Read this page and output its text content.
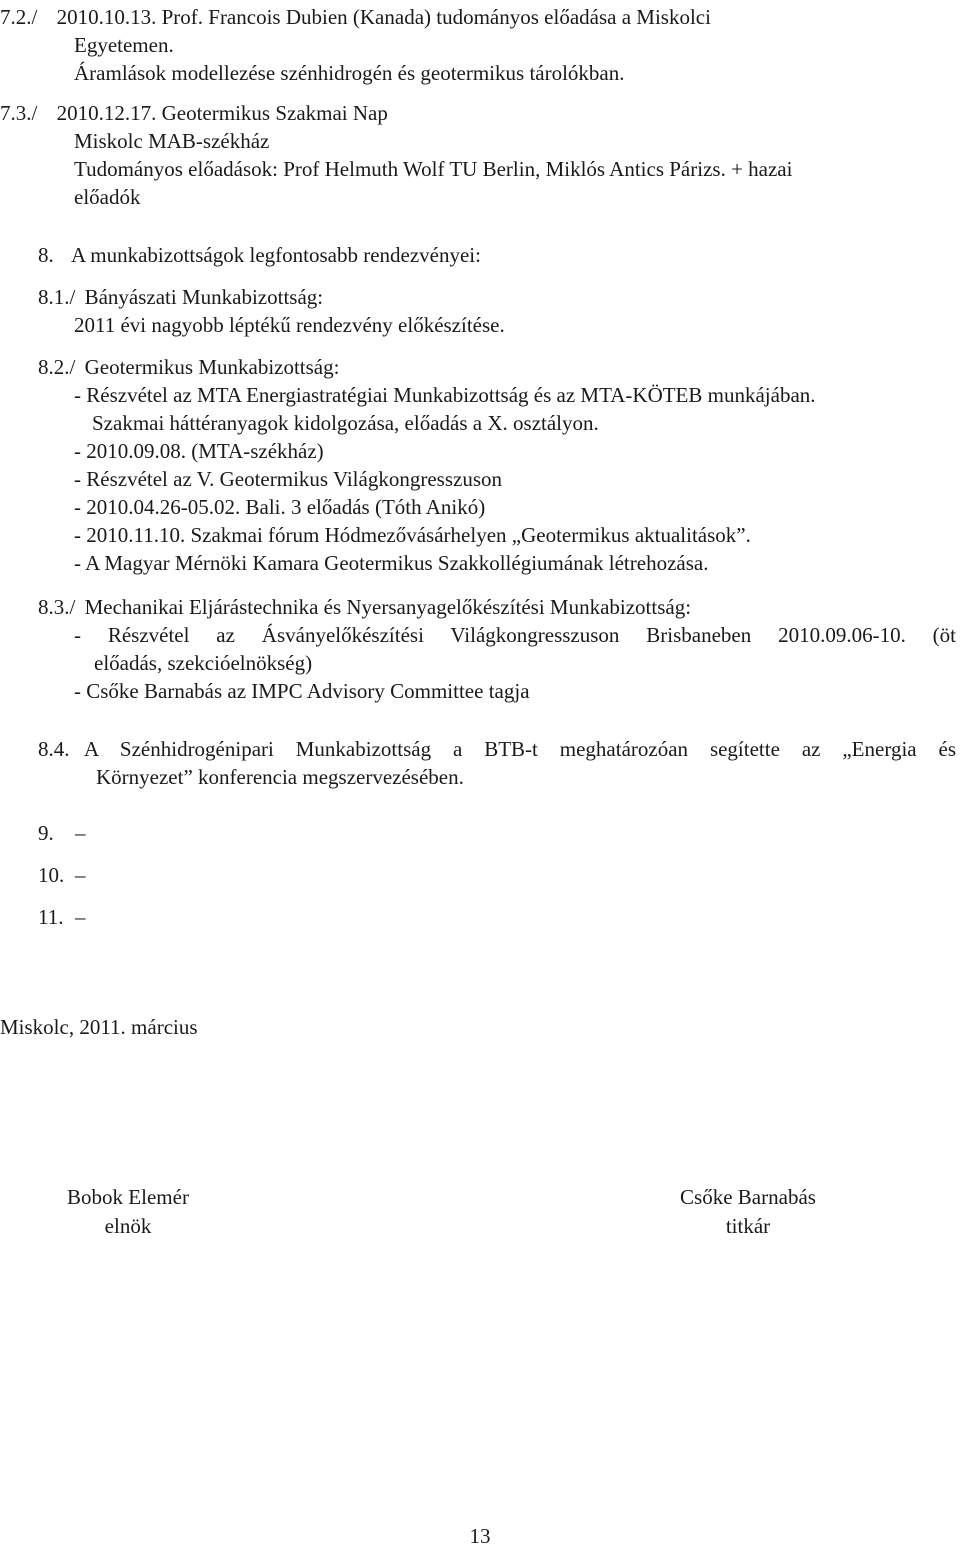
7.2./ 2010.10.13. Prof. Francois Dubien (Kanada) tudományos előadása a Miskolci
Egyetemen.
Áramlások modellezése szénhidrogén és geotermikus tárolókban.
7.3./ 2010.12.17. Geotermikus Szakmai Nap
Miskolc MAB-székház
Tudományos előadások: Prof Helmuth Wolf TU Berlin, Miklós Antics Párizs. + hazai
előadók
8. A munkabizottságok legfontosabb rendezvényei:
8.1./ Bányászati Munkabizottság:
2011 évi nagyobb léptékű rendezvény előkészítése.
8.2./ Geotermikus Munkabizottság:
- Részvétel az MTA Energiastratégiai Munkabizottság és az MTA-KÖTEB munkájában.
Szakmai háttéranyagok kidolgozása, előadás a X. osztályon.
- 2010.09.08. (MTA-székház)
- Részvétel az V. Geotermikus Világkongresszuson
- 2010.04.26-05.02. Bali. 3 előadás (Tóth Anikó)
- 2010.11.10. Szakmai fórum Hódmezővásárhelyen „Geotermikus aktualitások”.
- A Magyar Mérnöki Kamara Geotermikus Szakkollégiumának létrehozása.
8.3./ Mechanikai Eljárástechnika és Nyersanyagelőkészítési Munkabizottság:
- Részvétel az Ásványelőkészítési Világkongresszuson Brisbaneben 2010.09.06-10. (öt
előadás, szekcióelnökség)
- Csőke Barnabás az IMPC Advisory Committee tagja
8.4. A Szénhidrogénipari Munkabizottság a BTB-t meghatározóan segítette az „Energia és
Környezet” konferencia megszervezésében.
9. –
10. –
11. –
Miskolc, 2011. március
Bobok Elemér
elnök
Csőke Barnabás
titkár
13
